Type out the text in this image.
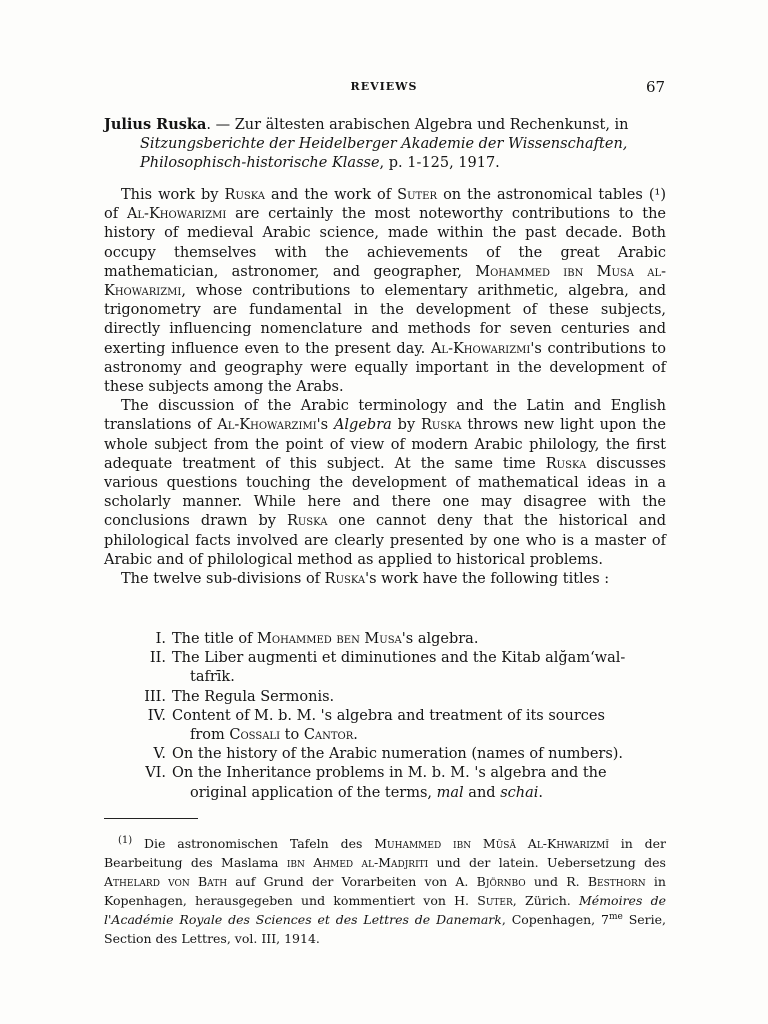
REVIEWS	67
Julius Ruska. — Zur ältesten arabischen Algebra und Rechenkunst, in
Sitzungsberichte der Heidelberger Akademie der Wissenschaften,
Philosophisch-historische Klasse, p. 1-125, 1917.

This work by Ruska and the work of Suter on the astronomical tables (¹) of Al-Khowarizmi are certainly the most noteworthy contributions to the history of medieval Arabic science, made within the past decade. Both occupy themselves with the achievements of the great Arabic mathematician, astronomer, and geographer, Mohammed ibn Musa al-Khowarizmi, whose contributions to elementary arithmetic, algebra, and trigonometry are fundamental in the development of these subjects, directly influencing nomenclature and methods for seven centuries and exerting influence even to the present day. Al-Khowarizmi's contributions to astronomy and geography were equally important in the development of these subjects among the Arabs.

The discussion of the Arabic terminology and the Latin and English translations of Al-Khowarzimi's Algebra by Ruska throws new light upon the whole subject from the point of view of modern Arabic philology, the first adequate treatment of this subject. At the same time Ruska discusses various questions touching the development of mathematical ideas in a scholarly manner. While here and there one may disagree with the conclusions drawn by Ruska one cannot deny that the historical and philological facts involved are clearly presented by one who is a master of Arabic and of philological method as applied to historical problems.

The twelve sub-divisions of Ruska's work have the following titles :

I. The title of Mohammed ben Musa's algebra.
II. The Liber augmenti et diminutiones and the Kitab alğam‘wal-
tafrīk.
III. The Regula Sermonis.
IV. Content of M. b. M. 's algebra and treatment of its sources
from Cossali to Cantor.
V. On the history of the Arabic numeration (names of numbers).
VI. On the Inheritance problems in M. b. M. 's algebra and the
original application of the terms, mal and schai.
$^{(1)}$ Die astronomischen Tafeln des Muhammed ibn Mūsā Al-Khwarizmī in der Bearbeitung des Maslama ibn Ahmed al-Madjriti und der latein. Uebersetzung des Athelard von Bath auf Grund der Vorarbeiten von A. Björnbo und R. Besthorn in Kopenhagen, herausgegeben und kommentiert von H. Suter, Zürich. Mémoires de l'Académie Royale des Sciences et des Lettres de Danemark, Copenhagen, $7^{me}$ Serie, Section des Lettres, vol. III, 1914.
